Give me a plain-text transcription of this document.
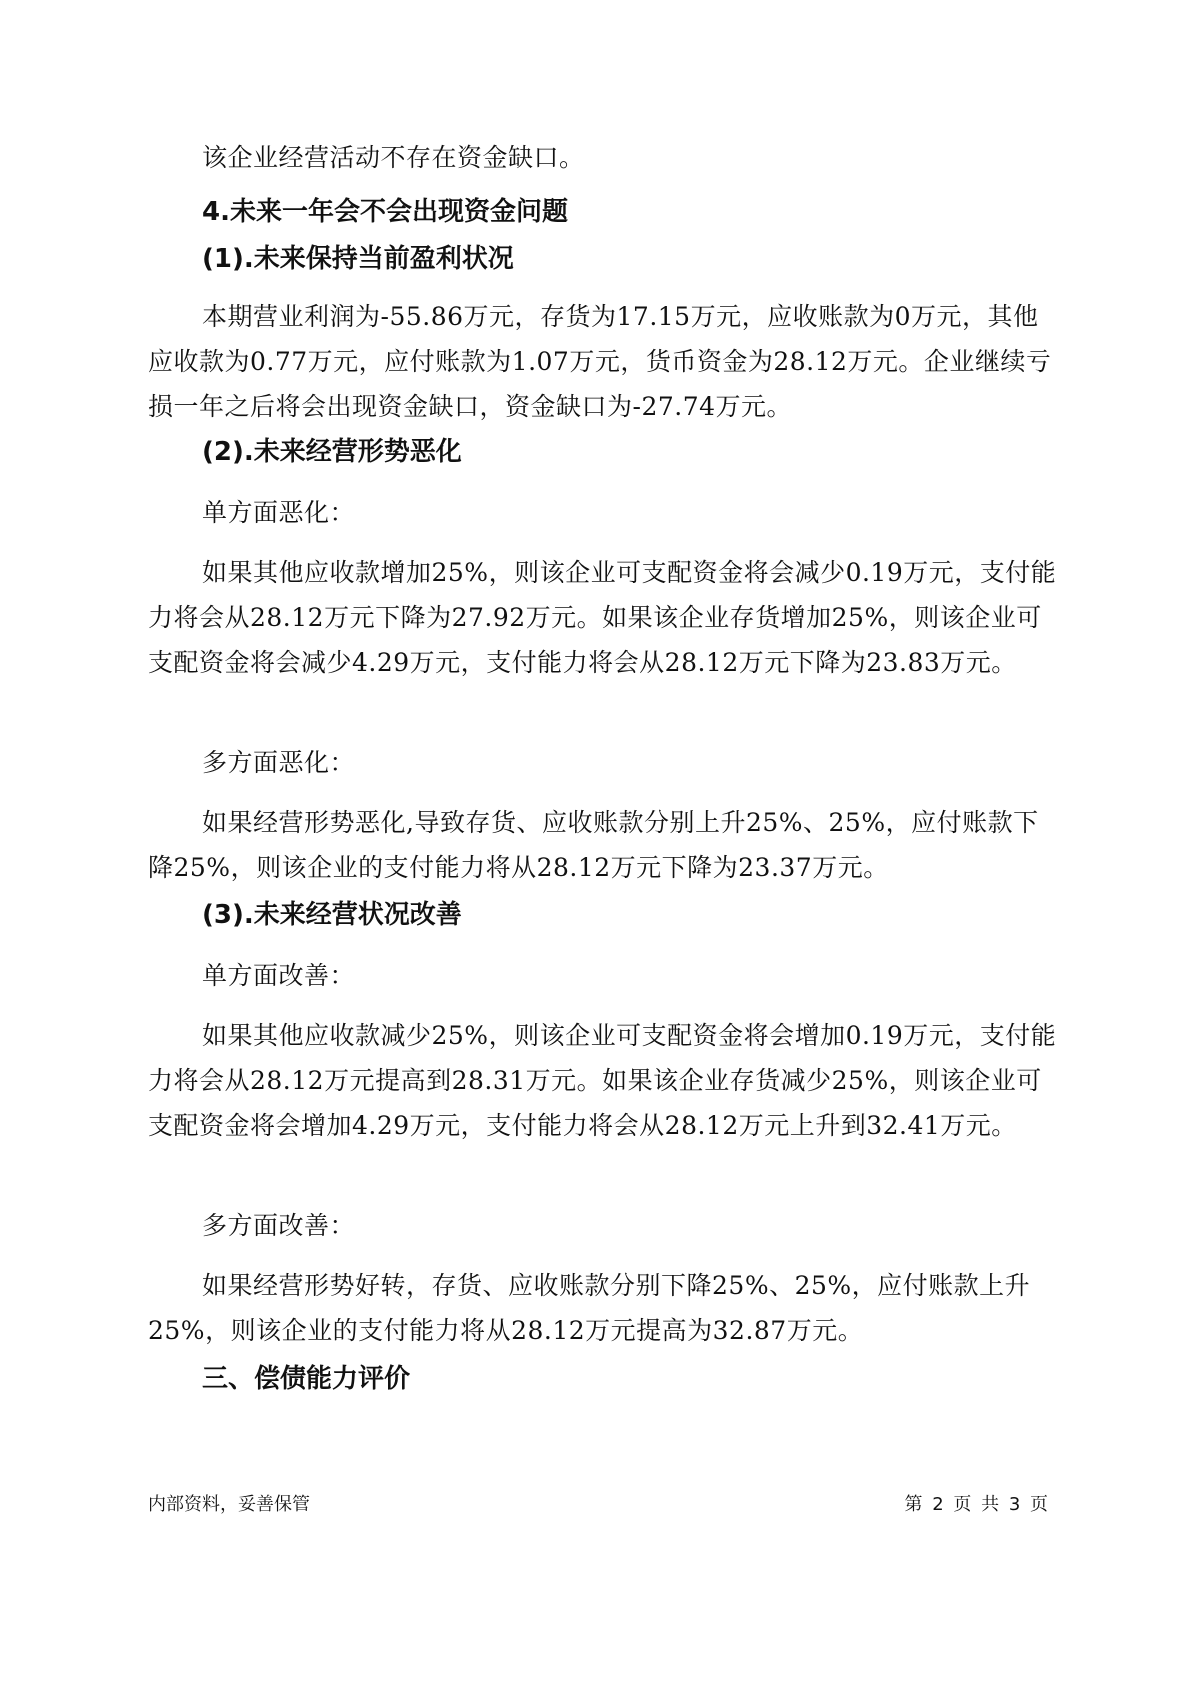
该企业经营活动不存在资金缺口。

4.未来一年会不会出现资金问题
(1).未来保持当前盈利状况

本期营业利润为-55.86万元，存货为17.15万元，应收账款为0万元，其他应收款为0.77万元，应付账款为1.07万元，货币资金为28.12万元。企业继续亏损一年之后将会出现资金缺口，资金缺口为-27.74万元。

(2).未来经营形势恶化

单方面恶化：

如果其他应收款增加25%，则该企业可支配资金将会减少0.19万元，支付能力将会从28.12万元下降为27.92万元。如果该企业存货增加25%，则该企业可支配资金将会减少4.29万元，支付能力将会从28.12万元下降为23.83万元。

多方面恶化：

如果经营形势恶化,导致存货、应收账款分别上升25%、25%，应付账款下降25%，则该企业的支付能力将从28.12万元下降为23.37万元。

(3).未来经营状况改善

单方面改善：

如果其他应收款减少25%，则该企业可支配资金将会增加0.19万元，支付能力将会从28.12万元提高到28.31万元。如果该企业存货减少25%，则该企业可支配资金将会增加4.29万元，支付能力将会从28.12万元上升到32.41万元。

多方面改善：

如果经营形势好转，存货、应收账款分别下降25%、25%，应付账款上升25%，则该企业的支付能力将从28.12万元提高为32.87万元。

三、偿债能力评价
内部资料，妥善保管	第 2 页 共 3 页
